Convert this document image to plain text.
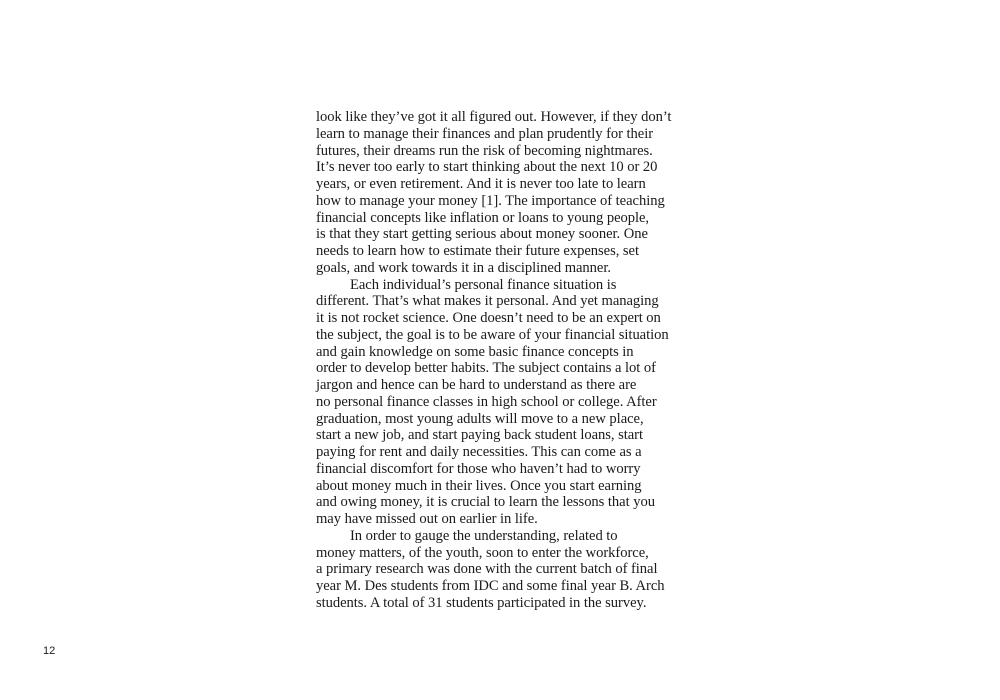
look like they’ve got it all figured out. However, if they don’t
learn to manage their finances and plan prudently for their
futures, their dreams run the risk of becoming nightmares.
It’s never too early to start thinking about the next 10 or 20
years, or even retirement. And it is never too late to learn
how to manage your money [1]. The importance of teaching
financial concepts like inflation or loans to young people,
is that they start getting serious about money sooner. One
needs to learn how to estimate their future expenses, set
goals, and work towards it in a disciplined manner.
Each individual’s personal finance situation is
different. That’s what makes it personal. And yet managing
it is not rocket science. One doesn’t need to be an expert on
the subject, the goal is to be aware of your financial situation
and gain knowledge on some basic finance concepts in
order to develop better habits. The subject contains a lot of
jargon and hence can be hard to understand as there are
no personal finance classes in high school or college. After
graduation, most young adults will move to a new place,
start a new job, and start paying back student loans, start
paying for rent and daily necessities. This can come as a
financial discomfort for those who haven’t had to worry
about money much in their lives. Once you start earning
and owing money, it is crucial to learn the lessons that you
may have missed out on earlier in life.
In order to gauge the understanding, related to
money matters, of the youth, soon to enter the workforce,
a primary research was done with the current batch of final
year M. Des students from IDC and some final year B. Arch
students. A total of 31 students participated in the survey.
12
